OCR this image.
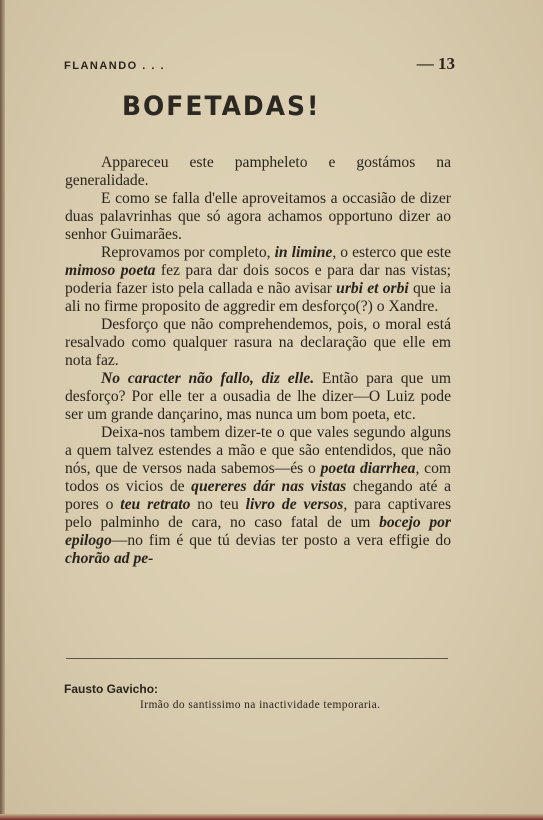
FLANANDO . . .	— 13
BOFETADAS!

Appareceu este pampheleto e gostámos na generalidade.

E como se falla d'elle aproveitamos a occasião de dizer duas palavrinhas que só agora achamos opportuno dizer ao senhor Guimarães.

Reprovamos por completo, in limine, o esterco que este mimoso poeta fez para dar dois socos e para dar nas vistas; poderia fazer isto pela callada e não avisar urbi et orbi que ia ali no firme proposito de aggredir em desforço(?) o Xandre.

Desforço que não comprehendemos, pois, o moral está resalvado como qualquer rasura na declaração que elle em nota faz.

No caracter não fallo, diz elle. Então para que um desforço? Por elle ter a ousadia de lhe dizer—O Luiz pode ser um grande dançarino, mas nunca um bom poeta, etc.

Deixa-nos tambem dizer-te o que vales segundo alguns a quem talvez estendes a mão e que são entendidos, que não nós, que de versos nada sabemos—és o poeta diarrhea, com todos os vicios de quereres dár nas vistas chegando até a pores o teu retrato no teu livro de versos, para captivares pelo palminho de cara, no caso fatal de um bocejo por epilogo—no fim é que tú devias ter posto a vera effigie do chorão ad pe-

Fausto Gavicho:
Irmão do santissimo na inactividade temporaria.
